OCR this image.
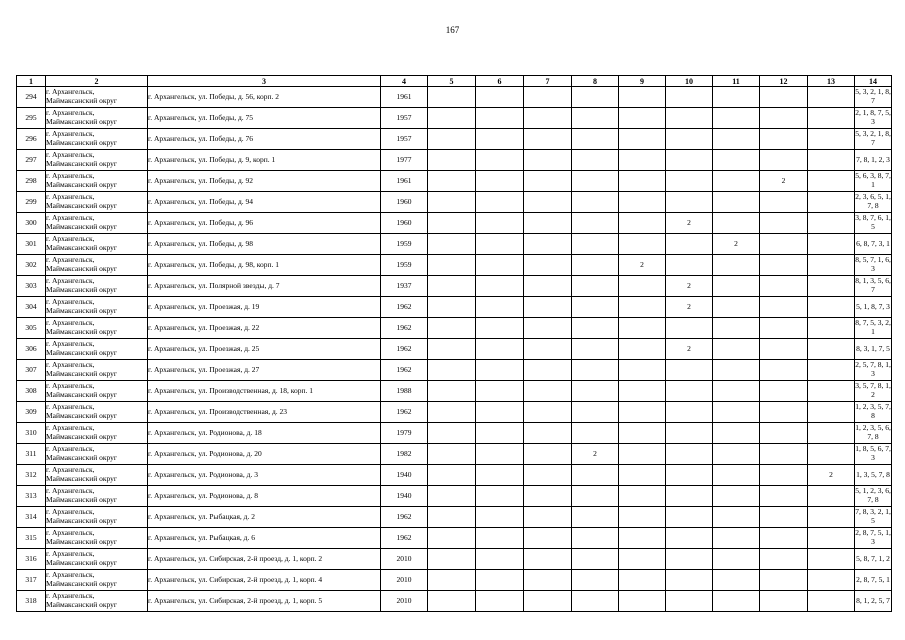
167
1	2	3	4	5	6	7	8	9	10	11	12	13	14
294	г. Архангельск,
Маймаксанский округ	г. Архангельск, ул. Победы, д. 56, корп. 2	1961										5, 3, 2, 1, 8, 7
295	г. Архангельск,
Маймаксанский округ	г. Архангельск, ул. Победы, д. 75	1957										2, 1, 8, 7, 5, 3
296	г. Архангельск,
Маймаксанский округ	г. Архангельск, ул. Победы, д. 76	1957										5, 3, 2, 1, 8, 7
297	г. Архангельск,
Маймаксанский округ	г. Архангельск, ул. Победы, д. 9, корп. 1	1977										7, 8, 1, 2, 3
298	г. Архангельск,
Маймаксанский округ	г. Архангельск, ул. Победы, д. 92	1961								2		5, 6, 3, 8, 7, 1
299	г. Архангельск,
Маймаксанский округ	г. Архангельск, ул. Победы, д. 94	1960										2, 3, 6, 5, 1, 7, 8
300	г. Архангельск,
Маймаксанский округ	г. Архангельск, ул. Победы, д. 96	1960						2				3, 8, 7, 6, 1, 5
301	г. Архангельск,
Маймаксанский округ	г. Архангельск, ул. Победы, д. 98	1959							2			6, 8, 7, 3, 1
302	г. Архангельск,
Маймаксанский округ	г. Архангельск, ул. Победы, д. 98, корп. 1	1959					2					8, 5, 7, 1, 6, 3
303	г. Архангельск,
Маймаксанский округ	г. Архангельск, ул. Полярной звезды, д. 7	1937						2				8, 1, 3, 5, 6, 7
304	г. Архангельск,
Маймаксанский округ	г. Архангельск, ул. Проезжая, д. 19	1962						2				5, 1, 8, 7, 3
305	г. Архангельск,
Маймаксанский округ	г. Архангельск, ул. Проезжая, д. 22	1962										8, 7, 5, 3, 2, 1
306	г. Архангельск,
Маймаксанский округ	г. Архангельск, ул. Проезжая, д. 25	1962						2				8, 3, 1, 7, 5
307	г. Архангельск,
Маймаксанский округ	г. Архангельск, ул. Проезжая, д. 27	1962										2, 5, 7, 8, 1, 3
308	г. Архангельск,
Маймаксанский округ	г. Архангельск, ул. Производственная, д. 18, корп. 1	1988										3, 5, 7, 8, 1, 2
309	г. Архангельск,
Маймаксанский округ	г. Архангельск, ул. Производственная, д. 23	1962										1, 2, 3, 5, 7, 8
310	г. Архангельск,
Маймаксанский округ	г. Архангельск, ул. Родионова, д. 18	1979										1, 2, 3, 5, 6, 7, 8
311	г. Архангельск,
Маймаксанский округ	г. Архангельск, ул. Родионова, д. 20	1982				2						1, 8, 5, 6, 7, 3
312	г. Архангельск,
Маймаксанский округ	г. Архангельск, ул. Родионова, д. 3	1940									2	1, 3, 5, 7, 8
313	г. Архангельск,
Маймаксанский округ	г. Архангельск, ул. Родионова, д. 8	1940										5, 1, 2, 3, 6, 7, 8
314	г. Архангельск,
Маймаксанский округ	г. Архангельск, ул. Рыбацкая, д. 2	1962										7, 8, 3, 2, 1, 5
315	г. Архангельск,
Маймаксанский округ	г. Архангельск, ул. Рыбацкая, д. 6	1962										2, 8, 7, 5, 1, 3
316	г. Архангельск,
Маймаксанский округ	г. Архангельск, ул. Сибирская, 2-й проезд, д. 1, корп. 2	2010										5, 8, 7, 1, 2
317	г. Архангельск,
Маймаксанский округ	г. Архангельск, ул. Сибирская, 2-й проезд, д. 1, корп. 4	2010										2, 8, 7, 5, 1
318	г. Архангельск,
Маймаксанский округ	г. Архангельск, ул. Сибирская, 2-й проезд, д. 1, корп. 5	2010										8, 1, 2, 5, 7
